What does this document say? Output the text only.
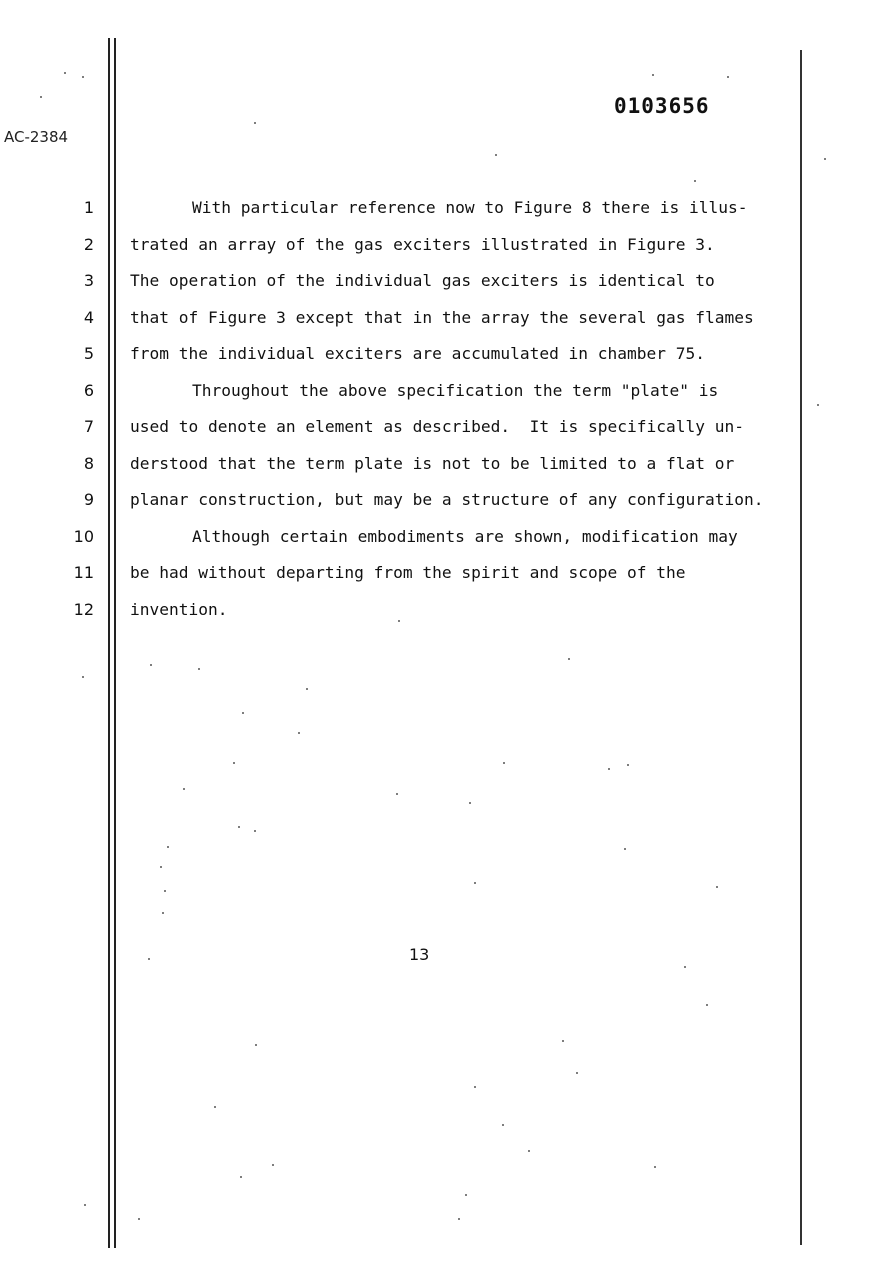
0103656
AC-2384
1
2
3
4
5
6
7
8
9
10
11
12
With particular reference now to Figure 8 there is illus-
trated an array of the gas exciters illustrated in Figure 3.
The operation of the individual gas exciters is identical to
that of Figure 3 except that in the array the several gas flames
from the individual exciters are accumulated in chamber 75.
Throughout the above specification the term "plate" is
used to denote an element as described.  It is specifically un-
derstood that the term plate is not to be limited to a flat or
planar construction, but may be a structure of any configuration.
Although certain embodiments are shown, modification may
be had without departing from the spirit and scope of the
invention.
13
